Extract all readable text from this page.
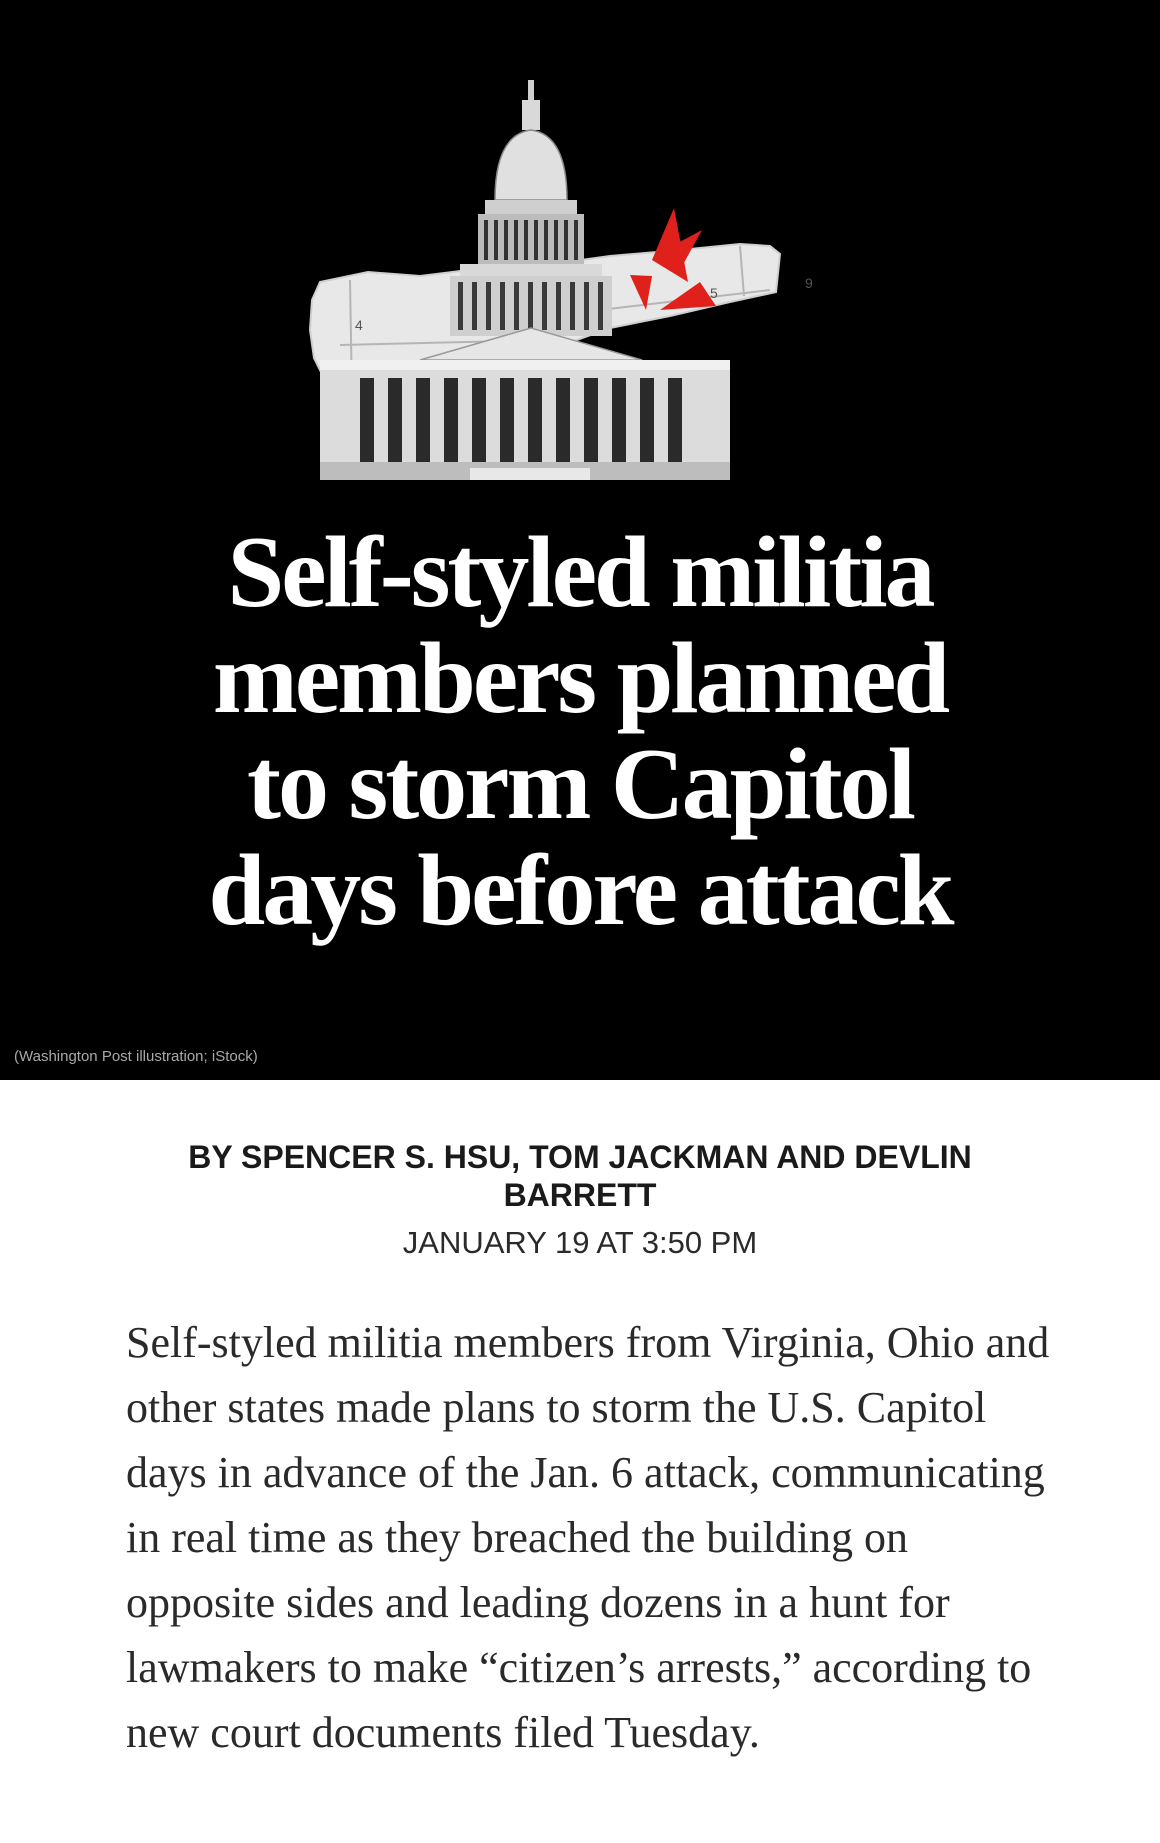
4
5
9
Self-styled militia
members planned
to storm Capitol
days before attack
(Washington Post illustration; iStock)
BY SPENCER S. HSU, TOM JACKMAN AND DEVLIN BARRETT
JANUARY 19 AT 3:50 PM

Self-styled militia members from Virginia, Ohio and other states made plans to storm the U.S. Capitol days in advance of the Jan. 6 attack, communicating in real time as they breached the building on opposite sides and leading dozens in a hunt for lawmakers to make “citizen’s arrests,” according to new court documents filed Tuesday.
